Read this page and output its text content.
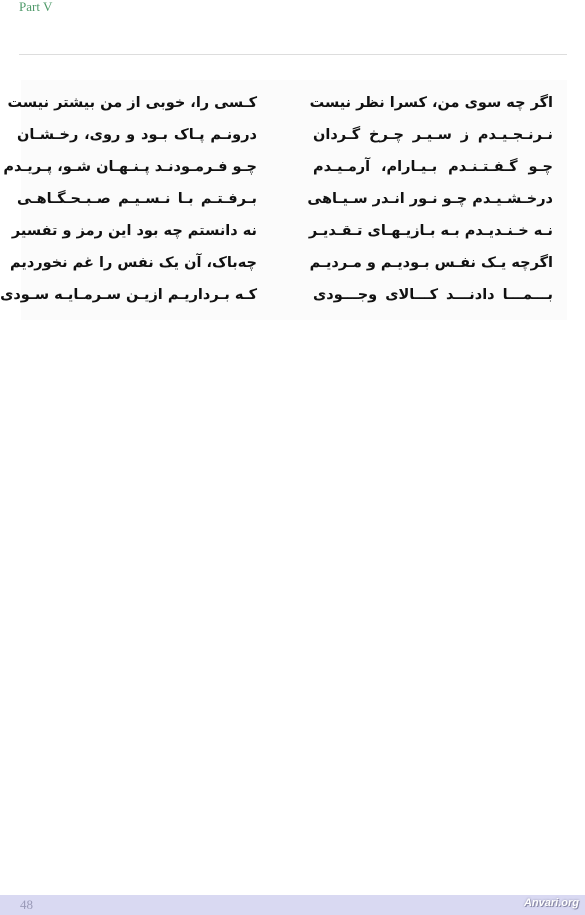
Part V
اگر چه سوی من، کسرا نظر نیست
نـرنـجـیـدم ز سـیـر چـرخ گـردان
چـو گـفـتـنـدم بـیـارام، آرمـیـدم
درخـشـیـدم چـو نـور انـدر سـیـاهی
نـه خـنـدیـدم بـه بـازیـهـای تـقـدیـر
اگرچه یـک نفـس بـودیـم و مـردیـم
بـــمـــا دادنـــد کـــالای وجـــودی
کـسی را، خوبی از من بیشتر نیست
درونـم پـاک بـود و روی، رخـشـان
چـو فـرمـودنـد پـنـهـان شـو، پـریـدم
بـرفـتـم بـا نـسـیـم صـبـحـگـاهـی
نه دانستم چه بود این رمز و تفسیر
چه‌باک، آن یک نفس را غم نخوردیم
کـه بـرداریـم ازیـن سـرمـایـه سـودی
48	Anvari.org
